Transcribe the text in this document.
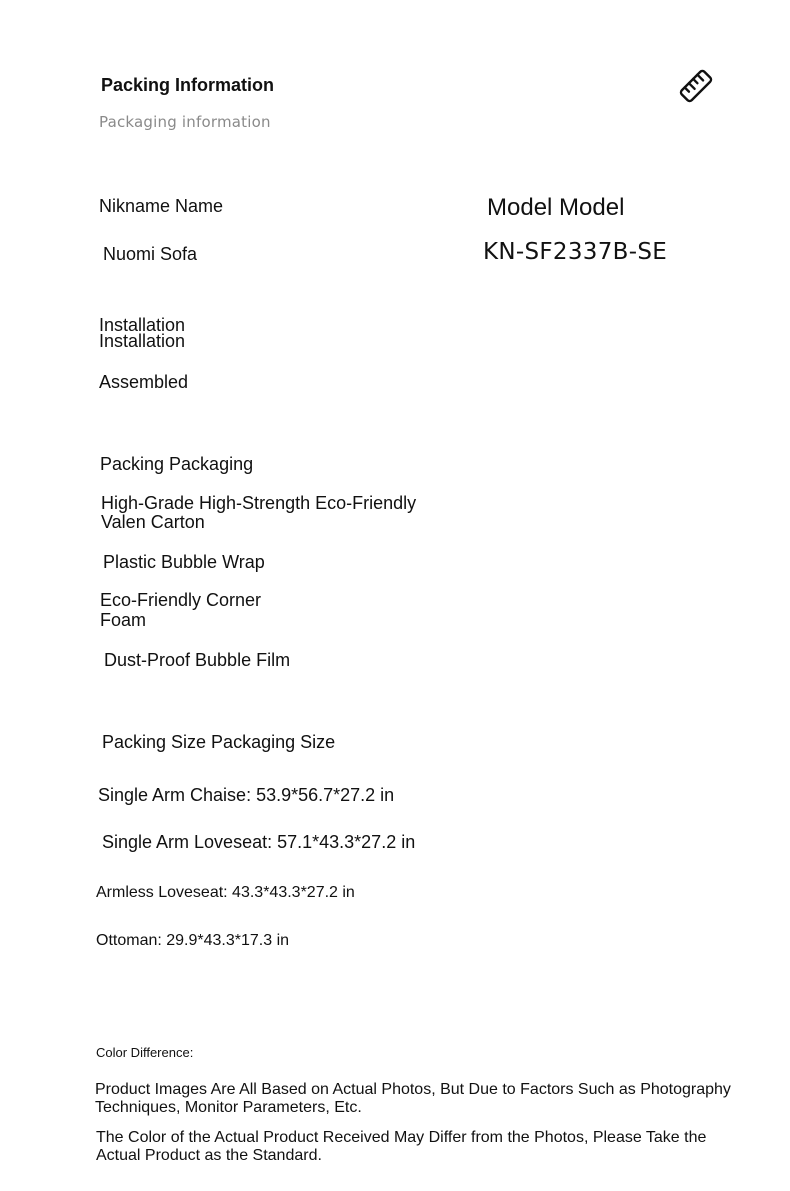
Packing Information
Packaging information
Nikname Name
Nuomi Sofa
Model Model
KN-SF2337B-SE
Installation
Installation
Assembled
Packing Packaging
High-Grade High-Strength Eco-Friendly Valen Carton
Plastic Bubble Wrap
Eco-Friendly Corner Foam
Dust-Proof Bubble Film
Packing Size Packaging Size
Single Arm Chaise: 53.9*56.7*27.2 in
Single Arm Loveseat: 57.1*43.3*27.2 in
Armless Loveseat: 43.3*43.3*27.2 in
Ottoman: 29.9*43.3*17.3 in
Color Difference:
Product Images Are All Based on Actual Photos, But Due to Factors Such as Photography Techniques, Monitor Parameters, Etc.
The Color of the Actual Product Received May Differ from the Photos, Please Take the Actual Product as the Standard.
